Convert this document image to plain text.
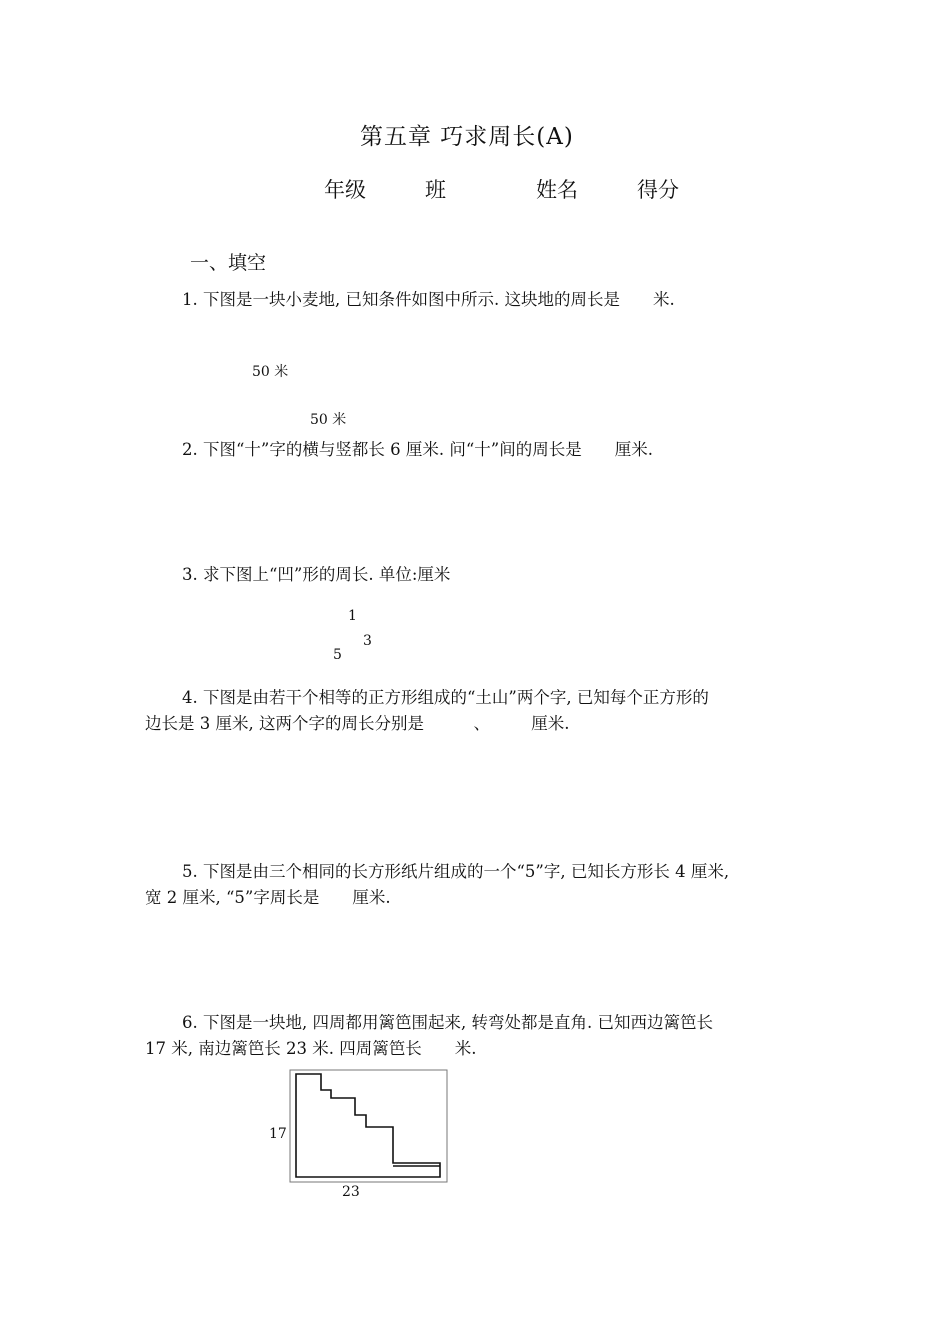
第五章 巧求周长(A)
年级	班	姓名	得分
一、填空
1. 下图是一块小麦地, 已知条件如图中所示. 这块地的周长是　　米.
50 米
50 米
2. 下图“十”字的横与竖都长 6 厘米. 问“十”间的周长是　　厘米.
3. 求下图上“凹”形的周长. 单位:厘米
1
3
5
4. 下图是由若干个相等的正方形组成的“土山”两个字, 已知每个正方形的
边长是 3 厘米, 这两个字的周长分别是　　　、　　　厘米.
5. 下图是由三个相同的长方形纸片组成的一个“5”字, 已知长方形长 4 厘米,
宽 2 厘米, “5”字周长是　　厘米.
6. 下图是一块地, 四周都用篱笆围起来, 转弯处都是直角. 已知西边篱笆长
17 米, 南边篱笆长 23 米. 四周篱笆长　　米.
17
23
